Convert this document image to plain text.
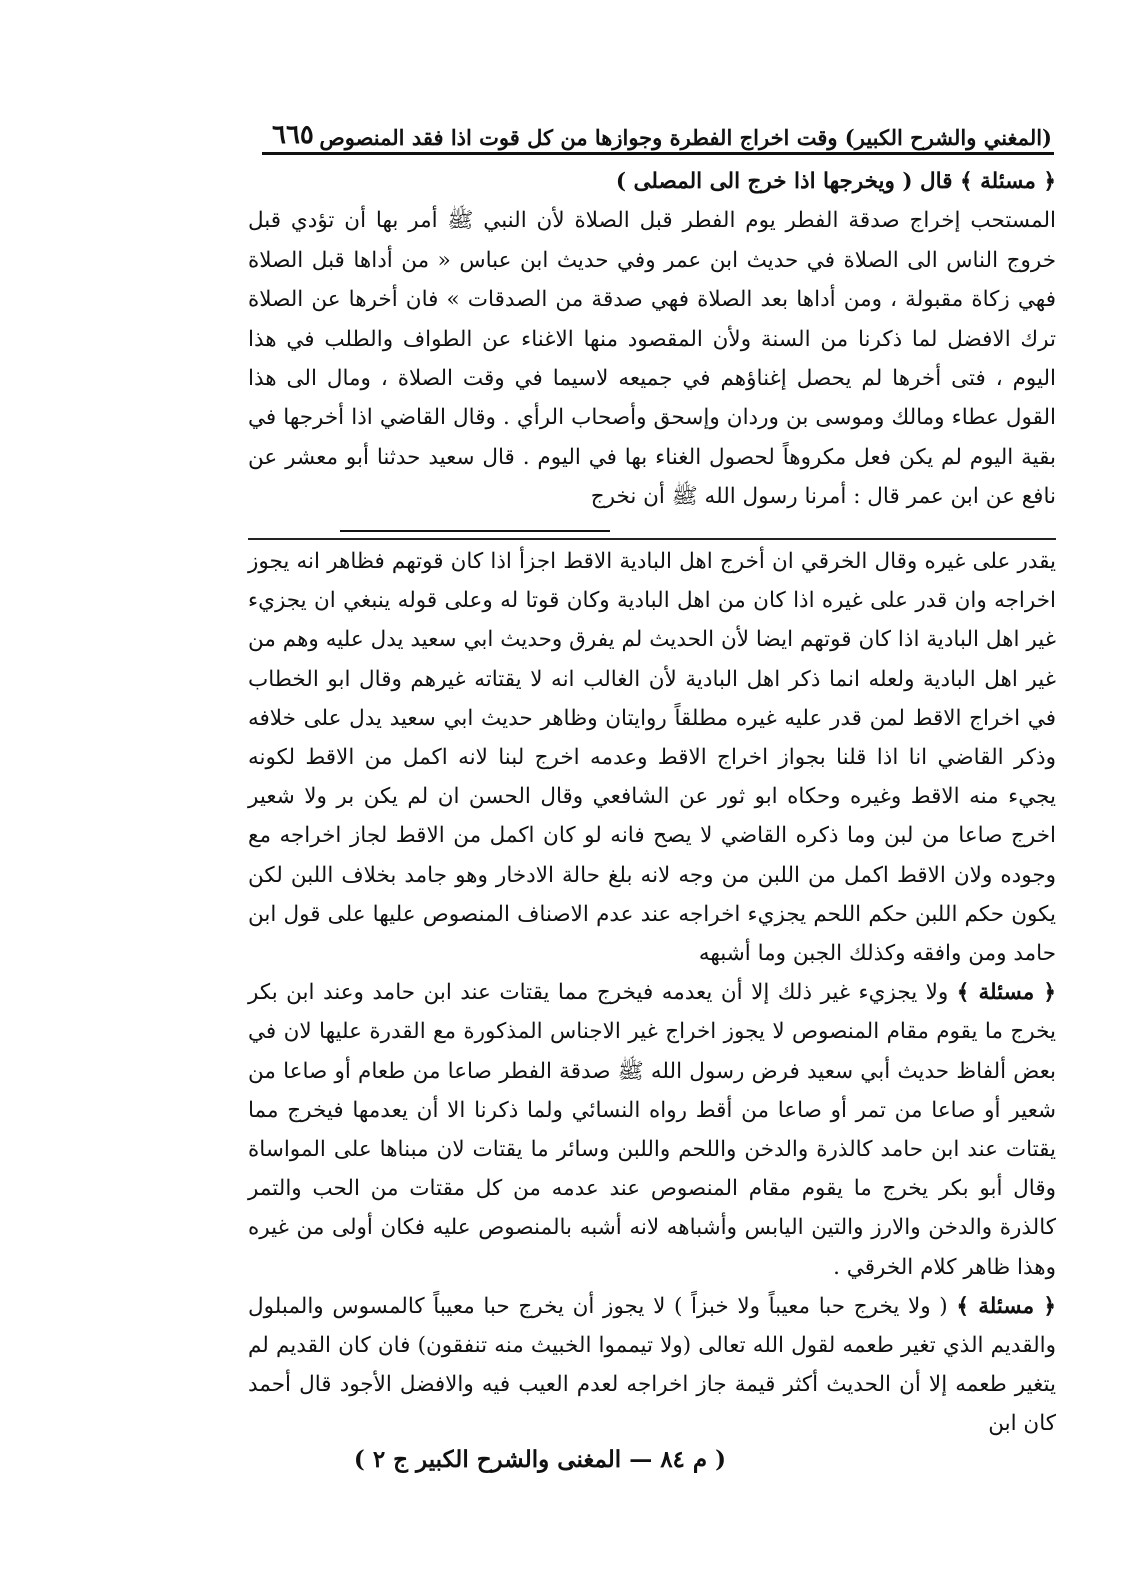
(المغني والشرح الكبير) وقت اخراج الفطرة وجوازها من كل قوت اذا فقد المنصوص
٦٦٥

﴿ مسئلة ﴾ قال ( ويخرجها اذا خرج الى المصلى )

المستحب إخراج صدقة الفطر يوم الفطر قبل الصلاة لأن النبي ﷺ أمر بها أن تؤدي قبل خروج الناس الى الصلاة في حديث ابن عمر وفي حديث ابن عباس « من أداها قبل الصلاة فهي زكاة مقبولة ، ومن أداها بعد الصلاة فهي صدقة من الصدقات » فان أخرها عن الصلاة ترك الافضل لما ذكرنا من السنة ولأن المقصود منها الاغناء عن الطواف والطلب في هذا اليوم ، فتى أخرها لم يحصل إغناؤهم في جميعه لاسيما في وقت الصلاة ، ومال الى هذا القول عطاء ومالك وموسى بن وردان وإسحق وأصحاب الرأي . وقال القاضي اذا أخرجها في بقية اليوم لم يكن فعل مكروهاً لحصول الغناء بها في اليوم . قال سعيد حدثنا أبو معشر عن نافع عن ابن عمر قال : أمرنا رسول الله ﷺ أن نخرج

يقدر على غيره وقال الخرقي ان أخرج اهل البادية الاقط اجزأ اذا كان قوتهم فظاهر انه يجوز اخراجه وان قدر على غيره اذا كان من اهل البادية وكان قوتا له وعلى قوله ينبغي ان يجزيء غير اهل البادية اذا كان قوتهم ايضا لأن الحديث لم يفرق وحديث ابي سعيد يدل عليه وهم من غير اهل البادية ولعله انما ذكر اهل البادية لأن الغالب انه لا يقتاته غيرهم وقال ابو الخطاب في اخراج الاقط لمن قدر عليه غيره مطلقاً روايتان وظاهر حديث ابي سعيد يدل على خلافه وذكر القاضي انا اذا قلنا بجواز اخراج الاقط وعدمه اخرج لبنا لانه اكمل من الاقط لكونه يجيء منه الاقط وغيره وحكاه ابو ثور عن الشافعي وقال الحسن ان لم يكن بر ولا شعير اخرج صاعا من لبن وما ذكره القاضي لا يصح فانه لو كان اكمل من الاقط لجاز اخراجه مع وجوده ولان الاقط اكمل من اللبن من وجه لانه بلغ حالة الادخار وهو جامد بخلاف اللبن لكن يكون حكم اللبن حكم اللحم يجزيء اخراجه عند عدم الاصناف المنصوص عليها على قول ابن حامد ومن وافقه وكذلك الجبن وما أشبهه

﴿ مسئلة ﴾ ولا يجزيء غير ذلك إلا أن يعدمه فيخرج مما يقتات عند ابن حامد وعند ابن بكر يخرج ما يقوم مقام المنصوص لا يجوز اخراج غير الاجناس المذكورة مع القدرة عليها لان في بعض ألفاظ حديث أبي سعيد فرض رسول الله ﷺ صدقة الفطر صاعا من طعام أو صاعا من شعير أو صاعا من تمر أو صاعا من أقط رواه النسائي ولما ذكرنا الا أن يعدمها فيخرج مما يقتات عند ابن حامد كالذرة والدخن واللحم واللبن وسائر ما يقتات لان مبناها على المواساة وقال أبو بكر يخرج ما يقوم مقام المنصوص عند عدمه من كل مقتات من الحب والتمر كالذرة والدخن والارز والتين اليابس وأشباهه لانه أشبه بالمنصوص عليه فكان أولى من غيره وهذا ظاهر كلام الخرقي .

﴿ مسئلة ﴾ ( ولا يخرج حبا معيباً ولا خبزاً ) لا يجوز أن يخرج حبا معيباً كالمسوس والمبلول والقديم الذي تغير طعمه لقول الله تعالى (ولا تيمموا الخبيث منه تنفقون) فان كان القديم لم يتغير طعمه إلا أن الحديث أكثر قيمة جاز اخراجه لعدم العيب فيه والافضل الأجود قال أحمد كان ابن

( م ٨٤ — المغنى والشرح الكبير ج ٢ )
